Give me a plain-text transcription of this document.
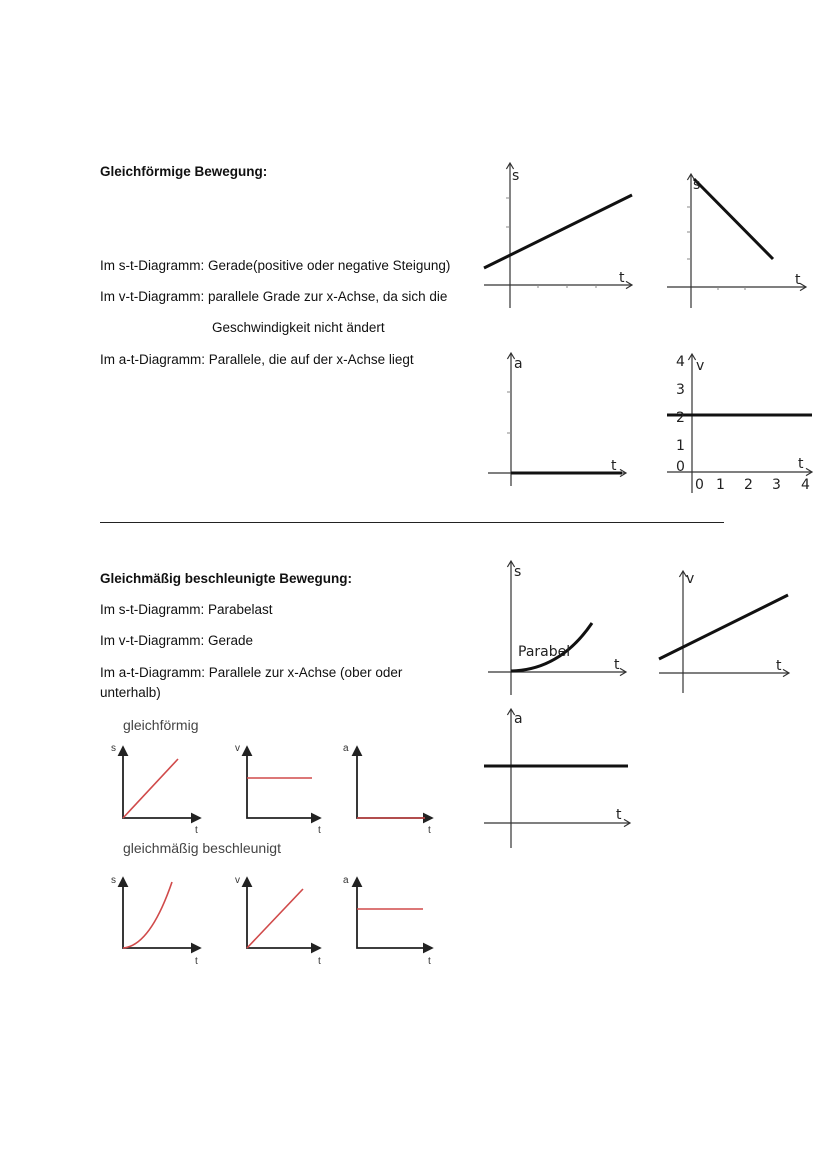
Gleichförmige Bewegung:
Im s-t-Diagramm: Gerade(positive oder negative Steigung)
Im v-t-Diagramm: parallele Grade zur x-Achse, da sich die
Geschwindigkeit nicht ändert
Im a-t-Diagramm: Parallele, die auf der x-Achse liegt
Gleichmäßig beschleunigte Bewegung:
Im s-t-Diagramm: Parabelast
Im v-t-Diagramm: Gerade
Im a-t-Diagramm: Parallele zur x-Achse (ober oder
unterhalb)
s
t
s
t
a
t
4
3
2
1
0
0 1 2 3 4
v
t
Parabel
s
t
v
t
a
t
gleichförmig
s
t
v
t
a
t
gleichmäßig beschleunigt
s
t
v
t
a
t
